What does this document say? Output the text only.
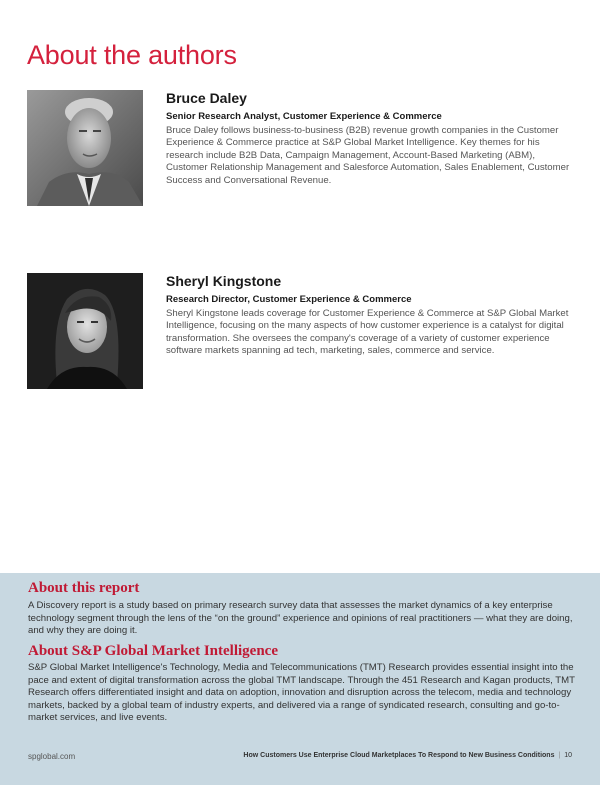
About the authors
Bruce Daley

Senior Research Analyst, Customer Experience & Commerce

Bruce Daley follows business-to-business (B2B) revenue growth companies in the Customer Experience & Commerce practice at S&P Global Market Intelligence. Key themes for his research include B2B Data, Campaign Management, Account-Based Marketing (ABM), Customer Relationship Management and Salesforce Automation, Sales Enablement, Customer Success and Conversational Revenue.

Sheryl Kingstone

Research Director, Customer Experience & Commerce

Sheryl Kingstone leads coverage for Customer Experience & Commerce at S&P Global Market Intelligence, focusing on the many aspects of how customer experience is a catalyst for digital transformation. She oversees the company's coverage of a variety of customer experience software markets spanning ad tech, marketing, sales, commerce and service.

About this report

A Discovery report is a study based on primary research survey data that assesses the market dynamics of a key enterprise technology segment through the lens of the “on the ground” experience and opinions of real practitioners — what they are doing, and why they are doing it.

About S&P Global Market Intelligence

S&P Global Market Intelligence's Technology, Media and Telecommunications (TMT) Research provides essential insight into the pace and extent of digital transformation across the global TMT landscape. Through the 451 Research and Kagan products, TMT Research offers differentiated insight and data on adoption, innovation and disruption across the telecom, media and technology markets, backed by a global team of industry experts, and delivered via a range of syndicated research, consulting and go-to-market services, and live events.

spglobal.com	How Customers Use Enterprise Cloud Marketplaces To Respond to New Business Conditions | 10
